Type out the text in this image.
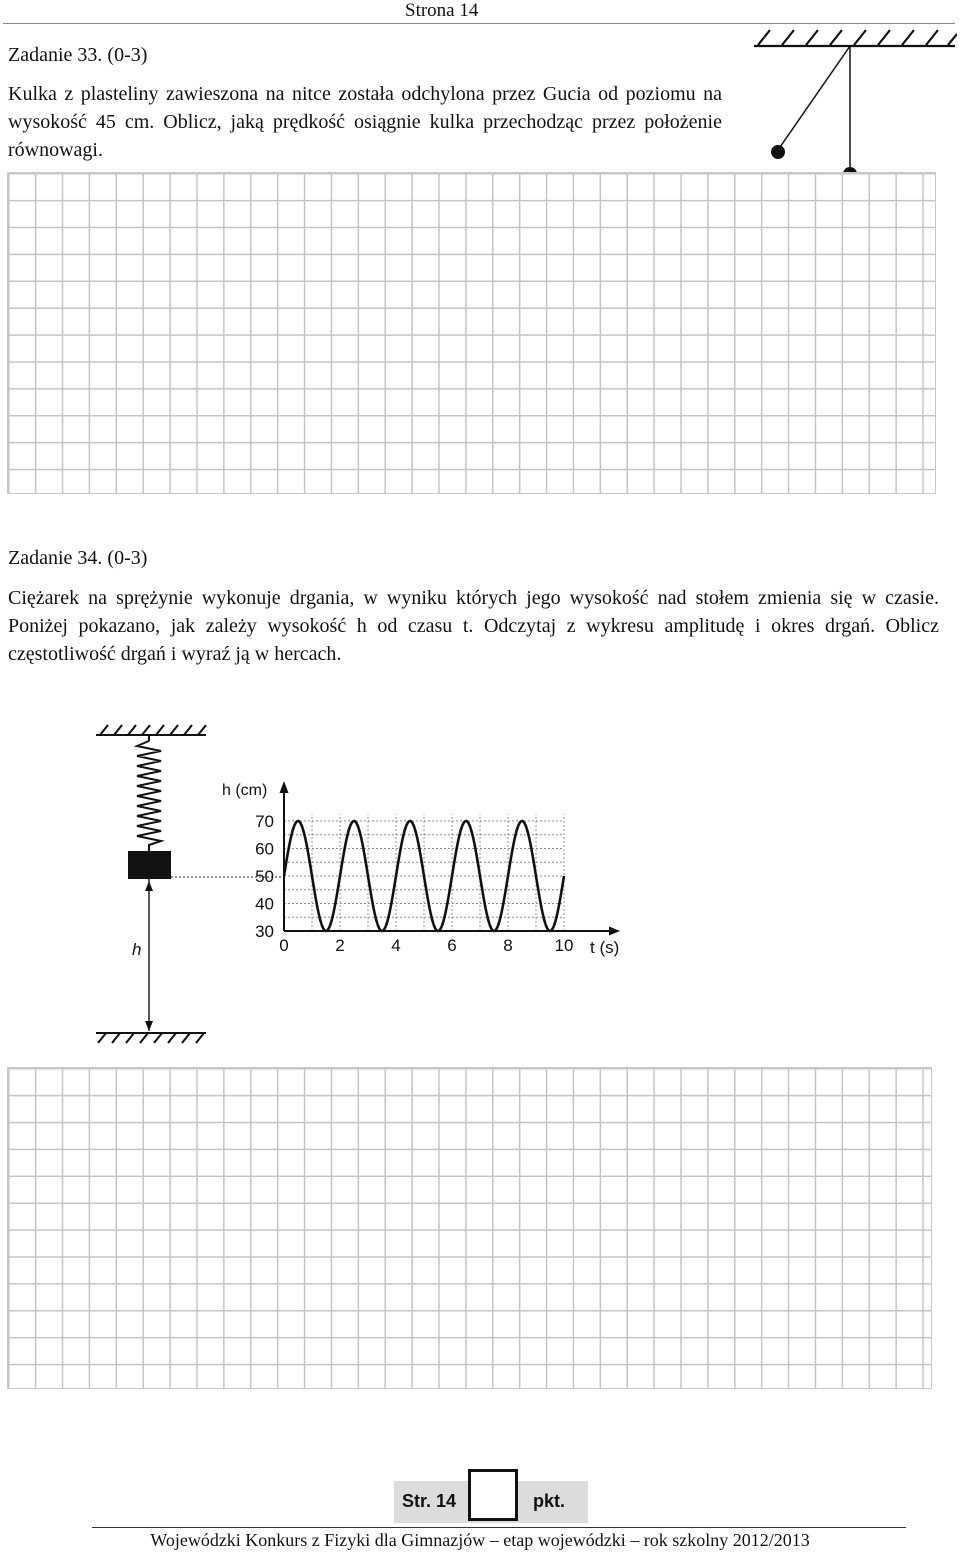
Strona 14
Zadanie 33. (0-3)
Kulka z plasteliny zawieszona na nitce została odchylona przez Gucia od poziomu na wysokość 45 cm. Oblicz, jaką prędkość osiągnie kulka przechodząc przez położenie równowagi.
Zadanie 34. (0-3)
Ciężarek na sprężynie wykonuje drgania, w wyniku których jego wysokość nad stołem zmienia się w czasie. Poniżej pokazano, jak zależy wysokość h od czasu t. Odczytaj z wykresu amplitudę i okres drgań. Oblicz częstotliwość drgań i wyraź ją w hercach.
h	0	2	4	6	8 10
30
40
50
60
70
h (cm)
t (s)
Str. 14	pkt.
Wojewódzki Konkurs z Fizyki dla Gimnazjów – etap wojewódzki – rok szkolny 2012/2013
